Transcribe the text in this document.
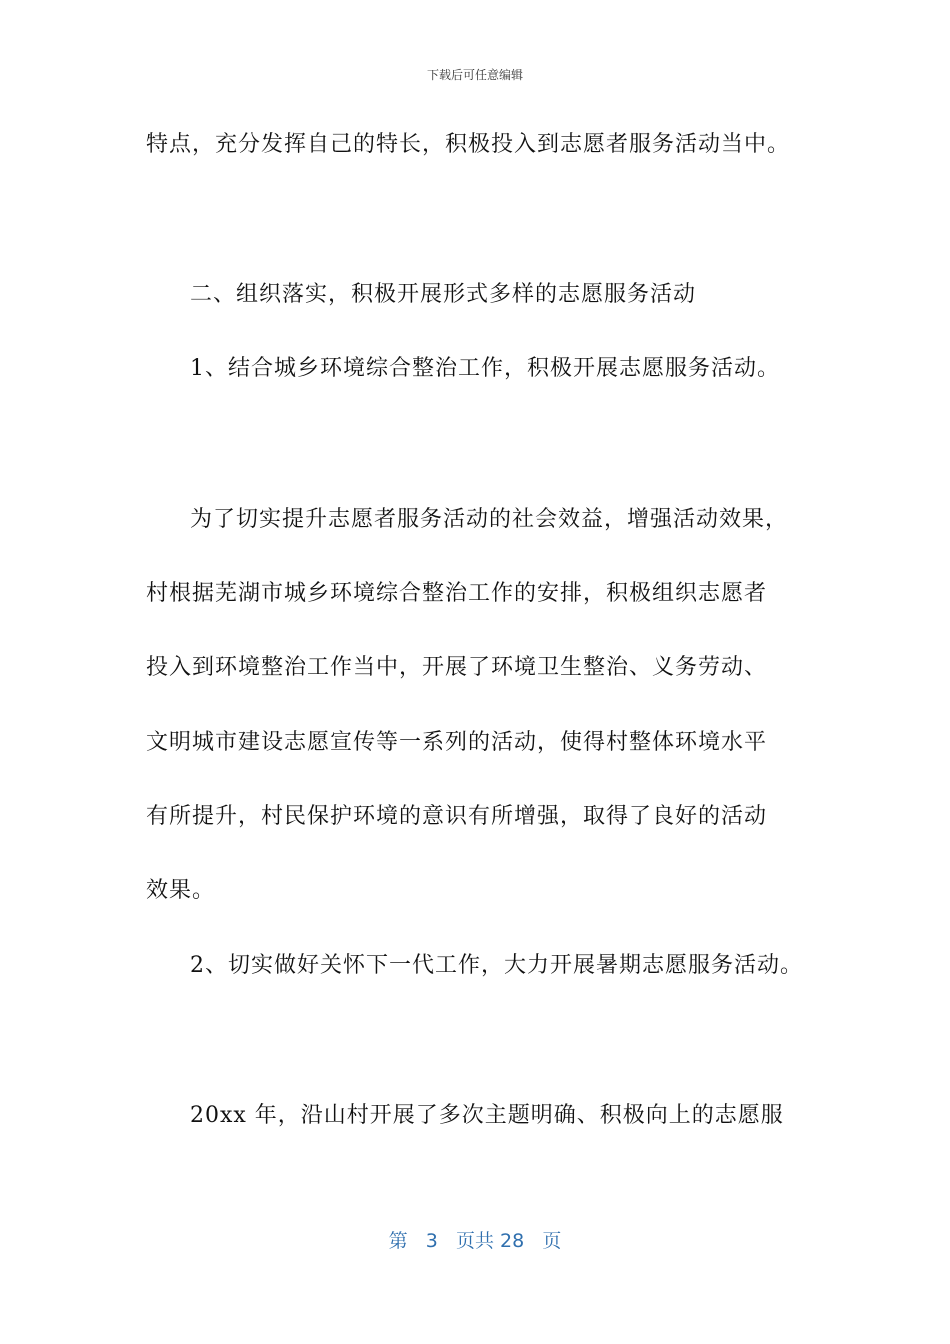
下载后可任意编辑
特点，充分发挥自己的特长，积极投入到志愿者服务活动当中。
二、组织落实，积极开展形式多样的志愿服务活动
1、结合城乡环境综合整治工作，积极开展志愿服务活动。
为了切实提升志愿者服务活动的社会效益，增强活动效果，
村根据芜湖市城乡环境综合整治工作的安排，积极组织志愿者
投入到环境整治工作当中，开展了环境卫生整治、义务劳动、
文明城市建设志愿宣传等一系列的活动，使得村整体环境水平
有所提升，村民保护环境的意识有所增强，取得了良好的活动
效果。
2、切实做好关怀下一代工作，大力开展暑期志愿服务活动。
20xx 年，沿山村开展了多次主题明确、积极向上的志愿服
第 3 页共 28 页
